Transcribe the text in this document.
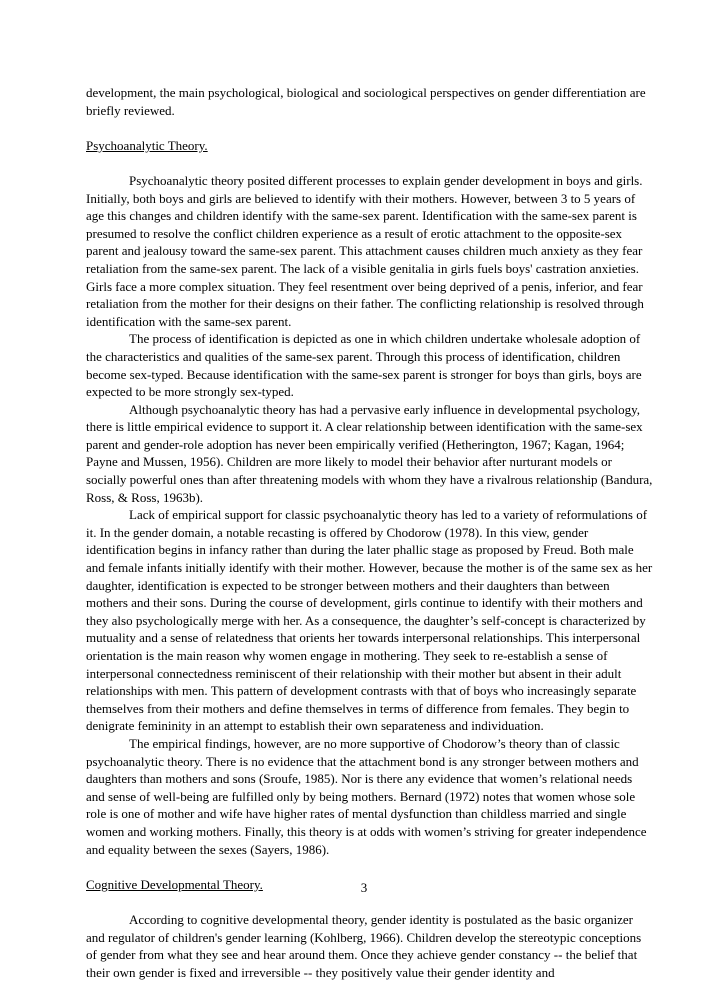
development, the main psychological, biological and sociological perspectives on gender differentiation are briefly reviewed.

Psychoanalytic Theory.

Psychoanalytic theory posited different processes to explain gender development in boys and girls. Initially, both boys and girls are believed to identify with their mothers. However, between 3 to 5 years of age this changes and children identify with the same-sex parent. Identification with the same-sex parent is presumed to resolve the conflict children experience as a result of erotic attachment to the opposite-sex parent and jealousy toward the same-sex parent. This attachment causes children much anxiety as they fear retaliation from the same-sex parent. The lack of a visible genitalia in girls fuels boys' castration anxieties. Girls face a more complex situation. They feel resentment over being deprived of a penis, inferior, and fear retaliation from the mother for their designs on their father. The conflicting relationship is resolved through identification with the same-sex parent.

The process of identification is depicted as one in which children undertake wholesale adoption of the characteristics and qualities of the same-sex parent. Through this process of identification, children become sex-typed. Because identification with the same-sex parent is stronger for boys than girls, boys are expected to be more strongly sex-typed.

Although psychoanalytic theory has had a pervasive early influence in developmental psychology, there is little empirical evidence to support it. A clear relationship between identification with the same-sex parent and gender-role adoption has never been empirically verified (Hetherington, 1967; Kagan, 1964; Payne and Mussen, 1956). Children are more likely to model their behavior after nurturant models or socially powerful ones than after threatening models with whom they have a rivalrous relationship (Bandura, Ross, & Ross, 1963b).

Lack of empirical support for classic psychoanalytic theory has led to a variety of reformulations of it. In the gender domain, a notable recasting is offered by Chodorow (1978). In this view, gender identification begins in infancy rather than during the later phallic stage as proposed by Freud. Both male and female infants initially identify with their mother. However, because the mother is of the same sex as her daughter, identification is expected to be stronger between mothers and their daughters than between mothers and their sons. During the course of development, girls continue to identify with their mothers and they also psychologically merge with her. As a consequence, the daughter’s self-concept is characterized by mutuality and a sense of relatedness that orients her towards interpersonal relationships. This interpersonal orientation is the main reason why women engage in mothering. They seek to re-establish a sense of interpersonal connectedness reminiscent of their relationship with their mother but absent in their adult relationships with men. This pattern of development contrasts with that of boys who increasingly separate themselves from their mothers and define themselves in terms of difference from females. They begin to denigrate femininity in an attempt to establish their own separateness and individuation.

The empirical findings, however, are no more supportive of Chodorow’s theory than of classic psychoanalytic theory. There is no evidence that the attachment bond is any stronger between mothers and daughters than mothers and sons (Sroufe, 1985). Nor is there any evidence that women’s relational needs and sense of well-being are fulfilled only by being mothers. Bernard (1972) notes that women whose sole role is one of mother and wife have higher rates of mental dysfunction than childless married and single women and working mothers. Finally, this theory is at odds with women’s striving for greater independence and equality between the sexes (Sayers, 1986).

Cognitive Developmental Theory.

According to cognitive developmental theory, gender identity is postulated as the basic organizer and regulator of children's gender learning (Kohlberg, 1966). Children develop the stereotypic conceptions of gender from what they see and hear around them. Once they achieve gender constancy -- the belief that their own gender is fixed and irreversible -- they positively value their gender identity and

3
